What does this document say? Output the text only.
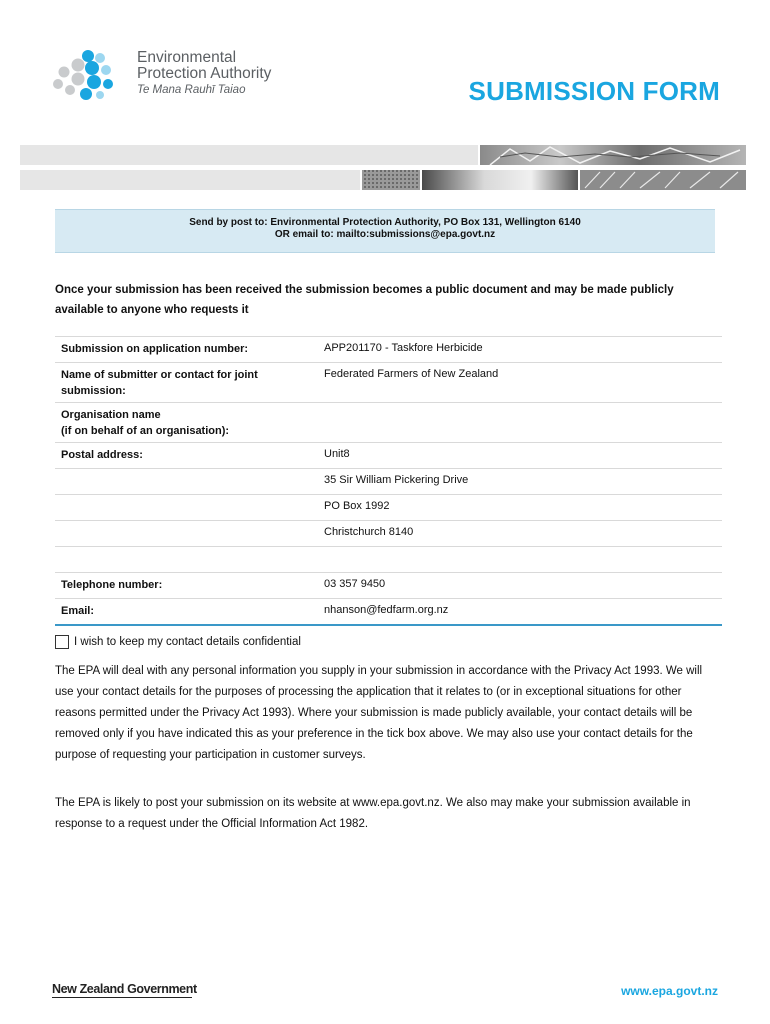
Environmental
Protection Authority
Te Mana Rauhī Taiao	SUBMISSION FORM
Send by post to: Environmental Protection Authority, PO Box 131, Wellington 6140
OR email to: mailto:submissions@epa.govt.nz
Once your submission has been received the submission becomes a public document and may be made publicly available to anyone who requests it
Submission on application number:	APP201170 - Taskfore Herbicide
Name of submitter or contact for joint submission:	Federated Farmers of New Zealand

Organisation name
(if on behalf of an organisation):	

Postal address:	Unit8
	35 Sir William Pickering Drive
	PO Box 1992
	Christchurch 8140

Telephone number:	03 357 9450
Email:	nhanson@fedfarm.org.nz
I wish to keep my contact details confidential
The EPA will deal with any personal information you supply in your submission in accordance with the Privacy Act 1993. We will use your contact details for the purposes of processing the application that it relates to (or in exceptional situations for other reasons permitted under the Privacy Act 1993). Where your submission is made publicly available, your contact details will be removed only if you have indicated this as your preference in the tick box above. We may also use your contact details for the purpose of requesting your participation in customer surveys.
The EPA is likely to post your submission on its website at www.epa.govt.nz. We also may make your submission available in response to a request under the Official Information Act 1982.
New Zealand Government	www.epa.govt.nz
